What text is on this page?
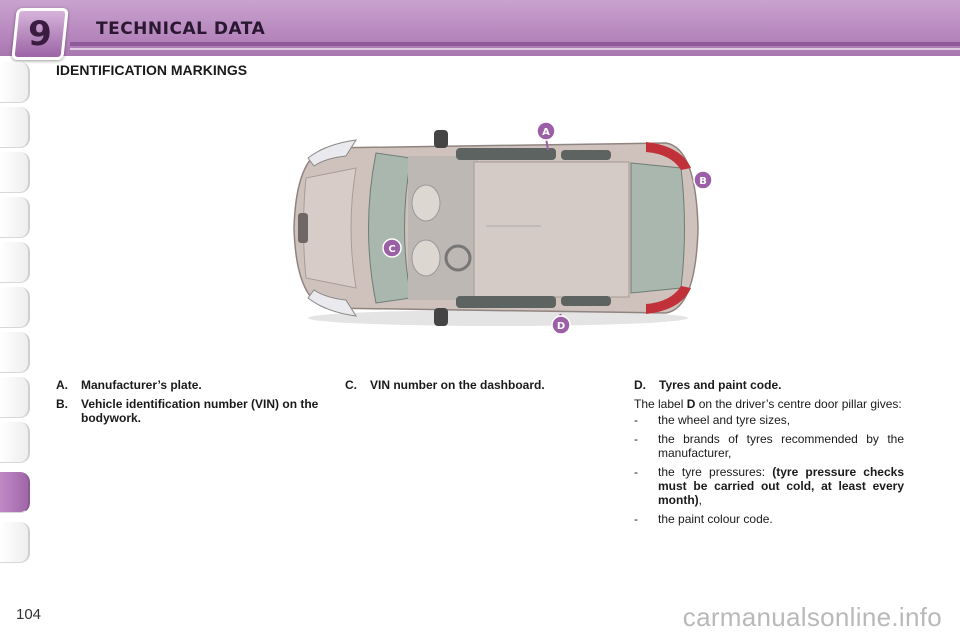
9	TECHNICAL DATA
IDENTIFICATION MARKINGS
A
B
C
D
A.	Manufacturer’s plate.
B.	Vehicle identification number (VIN) on the bodywork.
C.	VIN number on the dashboard.	D.	Tyres and paint code.
The label D on the driver’s centre door pillar gives:
-	the wheel and tyre sizes,
-	the brands of tyres recommended by the manufacturer,
-	the tyre pressures: (tyre pressure checks must be carried out cold, at least every month),
-	the paint colour code.
104	carmanualsonline.info
